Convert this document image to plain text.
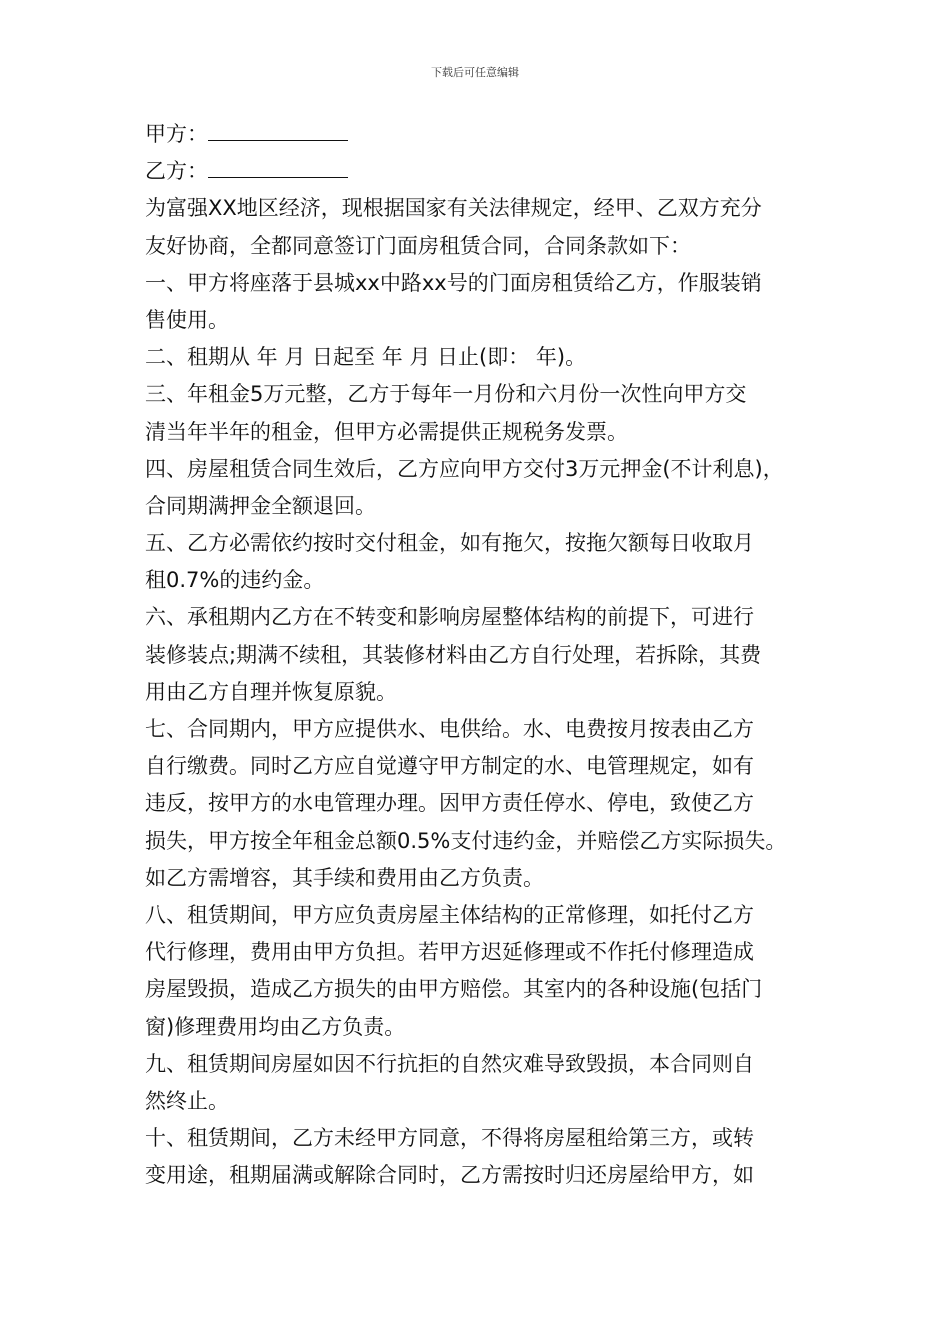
下载后可任意编辑
甲方：
乙方：
为富强XX地区经济，现根据国家有关法律规定，经甲、乙双方充分
友好协商，全都同意签订门面房租赁合同，合同条款如下：
一、甲方将座落于县城xx中路xx号的门面房租赁给乙方，作服装销
售使用。
二、租期从 年 月 日起至 年 月 日止(即： 年)。
三、年租金5万元整，乙方于每年一月份和六月份一次性向甲方交
清当年半年的租金，但甲方必需提供正规税务发票。
四、房屋租赁合同生效后，乙方应向甲方交付3万元押金(不计利息)，
合同期满押金全额退回。
五、乙方必需依约按时交付租金，如有拖欠，按拖欠额每日收取月
租0.7%的违约金。
六、承租期内乙方在不转变和影响房屋整体结构的前提下，可进行
装修装点;期满不续租，其装修材料由乙方自行处理，若拆除，其费
用由乙方自理并恢复原貌。
七、合同期内，甲方应提供水、电供给。水、电费按月按表由乙方
自行缴费。同时乙方应自觉遵守甲方制定的水、电管理规定，如有
违反，按甲方的水电管理办理。因甲方责任停水、停电，致使乙方
损失，甲方按全年租金总额0.5%支付违约金，并赔偿乙方实际损失。
如乙方需增容，其手续和费用由乙方负责。
八、租赁期间，甲方应负责房屋主体结构的正常修理，如托付乙方
代行修理，费用由甲方负担。若甲方迟延修理或不作托付修理造成
房屋毁损，造成乙方损失的由甲方赔偿。其室内的各种设施(包括门
窗)修理费用均由乙方负责。
九、租赁期间房屋如因不行抗拒的自然灾难导致毁损，本合同则自
然终止。
十、租赁期间，乙方未经甲方同意，不得将房屋租给第三方，或转
变用途，租期届满或解除合同时，乙方需按时归还房屋给甲方，如
